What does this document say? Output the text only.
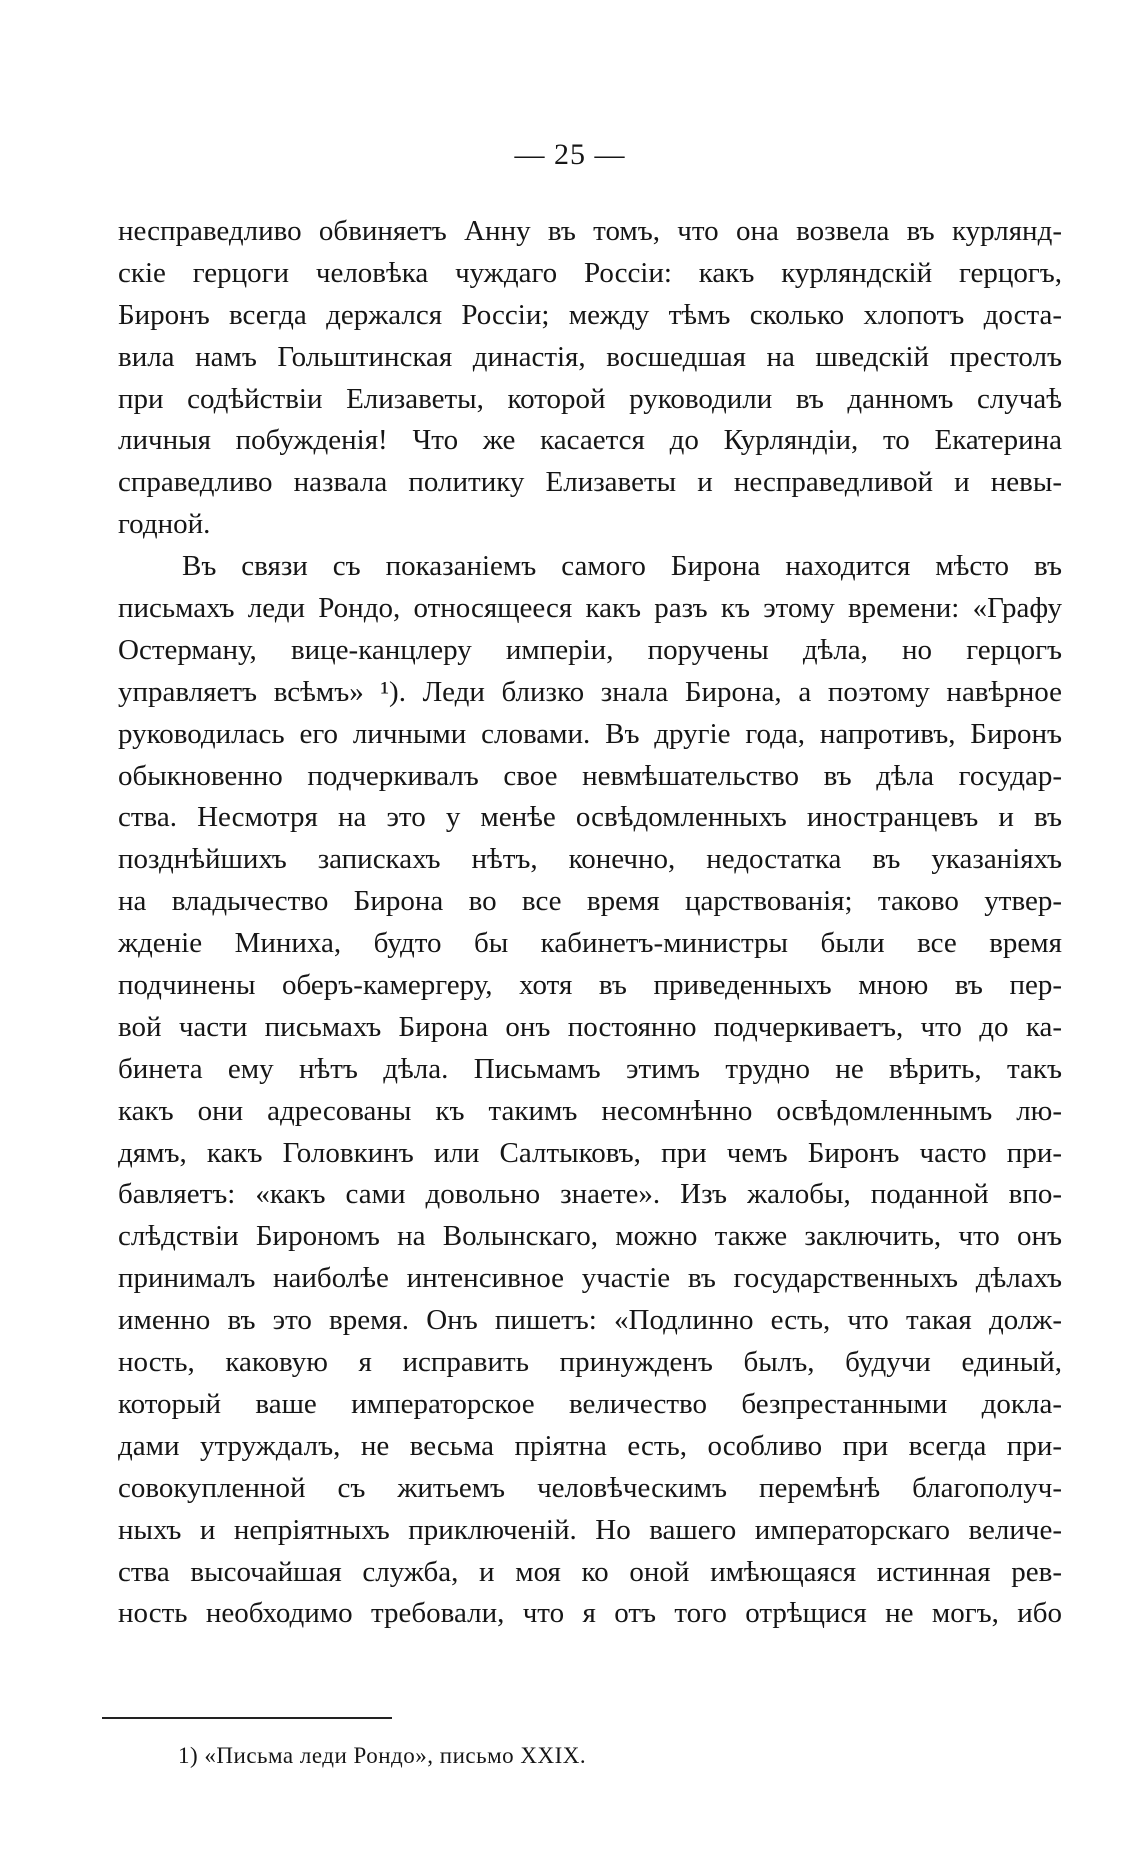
— 25 —
несправедливо обвиняетъ Анну въ томъ, что она возвела въ курлянд-
скіе герцоги человѣка чуждаго Россіи: какъ курляндскій герцогъ,
Биронъ всегда держался Россіи; между тѣмъ сколько хлопотъ доста-
вила намъ Гольштинская династія, восшедшая на шведскій престолъ
при содѣйствіи Елизаветы, которой руководили въ данномъ случаѣ
личныя побужденія! Что же касается до Курляндіи, то Екатерина
справедливо назвала политику Елизаветы и несправедливой и невы-
годной.
Въ связи съ показаніемъ самого Бирона находится мѣсто въ
письмахъ леди Рондо, относящееся какъ разъ къ этому времени: «Графу
Остерману, вице-канцлеру имперіи, поручены дѣла, но герцогъ
управляетъ всѣмъ» ¹). Леди близко знала Бирона, а поэтому навѣрное
руководилась его личными словами. Въ другіе года, напротивъ, Биронъ
обыкновенно подчеркивалъ свое невмѣшательство въ дѣла государ-
ства. Несмотря на это у менѣе освѣдомленныхъ иностранцевъ и въ
позднѣйшихъ запискахъ нѣтъ, конечно, недостатка въ указаніяхъ
на владычество Бирона во все время царствованія; таково утвер-
жденіе Миниха, будто бы кабинетъ-министры были все время
подчинены оберъ-камергеру, хотя въ приведенныхъ мною въ пер-
вой части письмахъ Бирона онъ постоянно подчеркиваетъ, что до ка-
бинета ему нѣтъ дѣла. Письмамъ этимъ трудно не вѣрить, такъ
какъ они адресованы къ такимъ несомнѣнно освѣдомленнымъ лю-
дямъ, какъ Головкинъ или Салтыковъ, при чемъ Биронъ часто при-
бавляетъ: «какъ сами довольно знаете». Изъ жалобы, поданной впо-
слѣдствіи Бирономъ на Волынскаго, можно также заключить, что онъ
принималъ наиболѣе интенсивное участіе въ государственныхъ дѣлахъ
именно въ это время. Онъ пишетъ: «Подлинно есть, что такая долж-
ность, каковую я исправить принужденъ былъ, будучи единый,
который ваше императорское величество безпрестанными доклa-
дами утруждалъ, не весьма пріятна есть, особливо при всегда при-
совокупленной съ житьемъ человѣческимъ перемѣнѣ благополуч-
ныхъ и непріятныхъ приключеній. Но вашего императорскаго величе-
ства высочайшая служба, и моя ко оной имѣющаяся истинная рев-
ность необходимо требовали, что я отъ того отрѣщися не могъ, ибо
1) «Письма леди Рондо», письмо XXIX.
